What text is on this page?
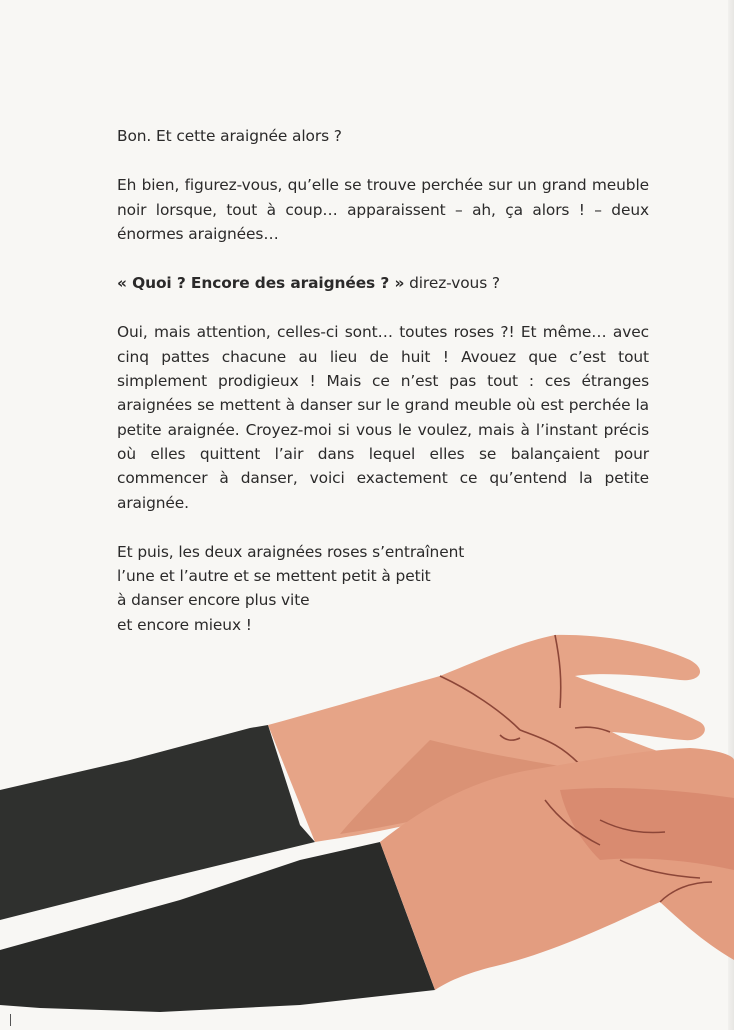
Bon. Et cette araignée alors ?

Eh bien, figurez-vous, qu’elle se trouve perchée sur un grand meuble noir lorsque, tout à coup… apparaissent – ah, ça alors ! – deux énormes araignées…

« Quoi ? Encore des araignées ? » direz-vous ?

Oui, mais attention, celles-ci sont… toutes roses ?! Et même… avec cinq pattes chacune au lieu de huit ! Avouez que c’est tout simplement prodigieux ! Mais ce n’est pas tout : ces étranges araignées se mettent à danser sur le grand meuble où est perchée la petite araignée. Croyez-moi si vous le voulez, mais à l’instant précis où elles quittent l’air dans lequel elles se balançaient pour commencer à danser, voici exactement ce qu’entend la petite araignée.

Et puis, les deux araignées roses s’entraînent
l’une et l’autre et se mettent petit à petit
à danser encore plus vite
et encore mieux !
